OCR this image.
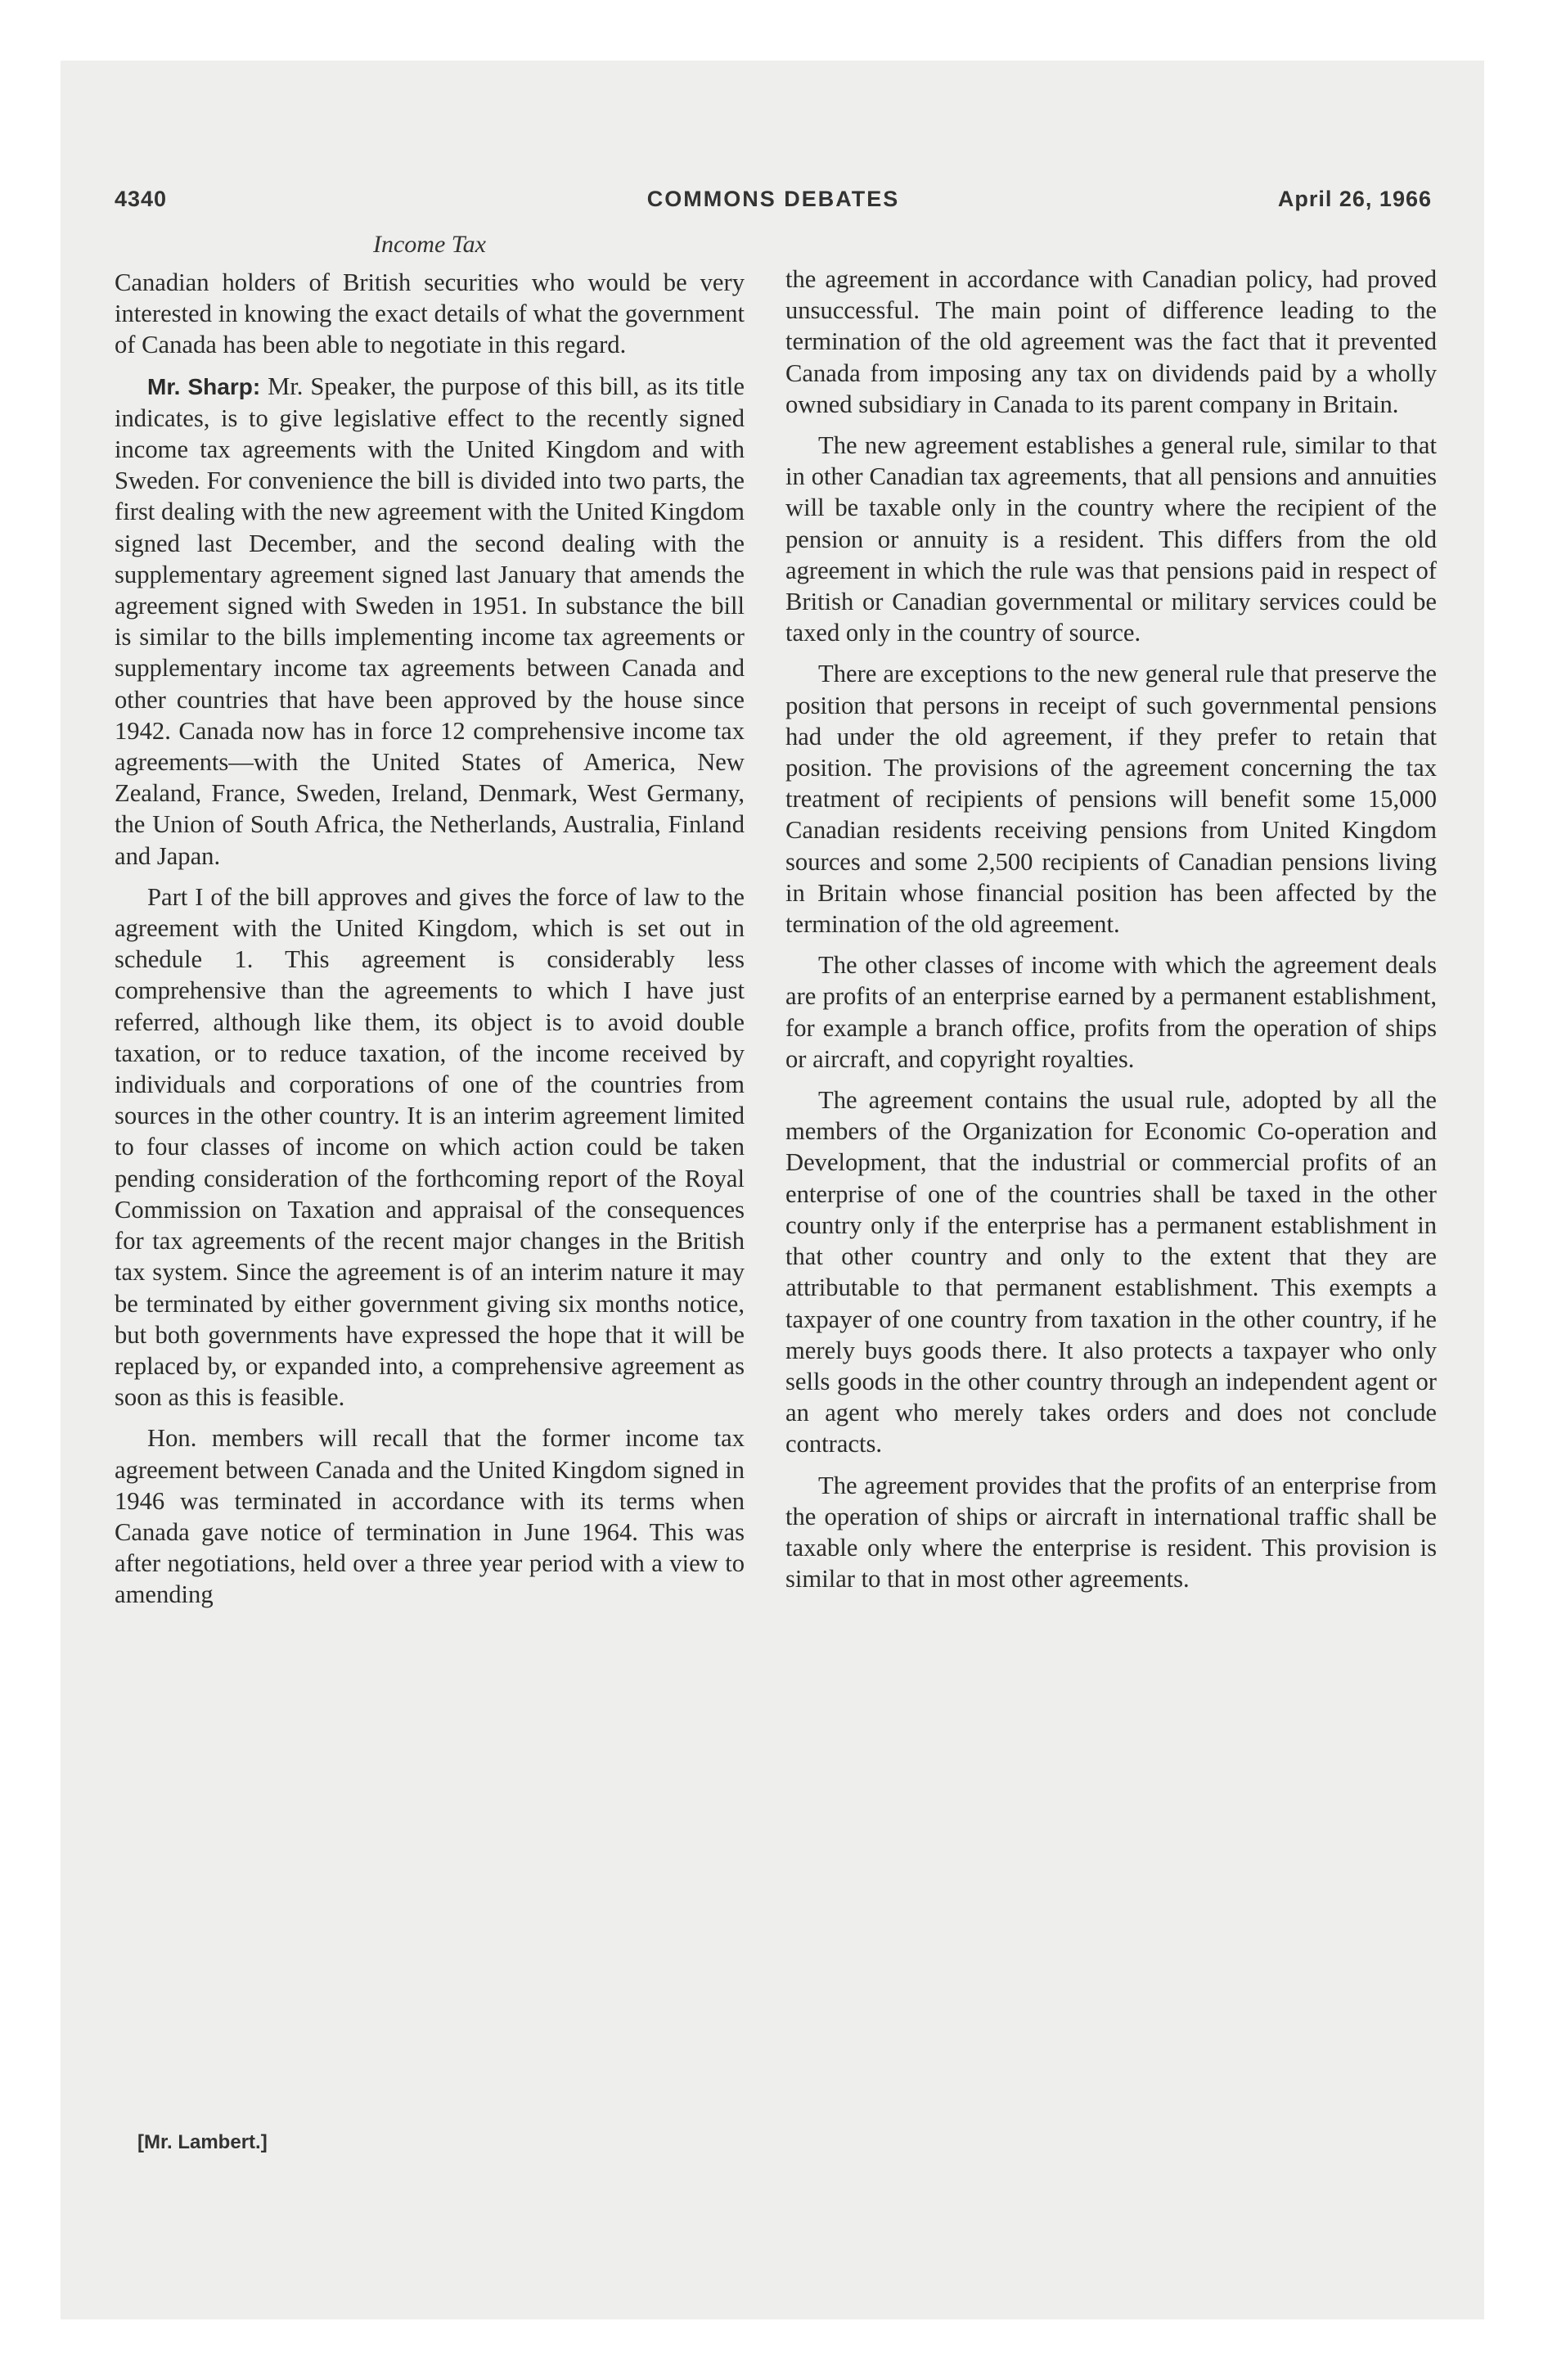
4340	COMMONS DEBATES	April 26, 1966
Income Tax

Canadian holders of British securities who would be very interested in knowing the exact details of what the government of Canada has been able to negotiate in this regard.

Mr. Sharp: Mr. Speaker, the purpose of this bill, as its title indicates, is to give legislative effect to the recently signed income tax agreements with the United Kingdom and with Sweden. For convenience the bill is divided into two parts, the first dealing with the new agreement with the United Kingdom signed last December, and the second dealing with the supplementary agreement signed last January that amends the agreement signed with Sweden in 1951. In substance the bill is similar to the bills implementing income tax agreements or supplementary income tax agreements between Canada and other countries that have been approved by the house since 1942. Canada now has in force 12 comprehensive income tax agreements—with the United States of America, New Zealand, France, Sweden, Ireland, Denmark, West Germany, the Union of South Africa, the Netherlands, Australia, Finland and Japan.

Part I of the bill approves and gives the force of law to the agreement with the United Kingdom, which is set out in schedule 1. This agreement is considerably less comprehensive than the agreements to which I have just referred, although like them, its object is to avoid double taxation, or to reduce taxation, of the income received by individuals and corporations of one of the countries from sources in the other country. It is an interim agreement limited to four classes of income on which action could be taken pending consideration of the forthcoming report of the Royal Commission on Taxation and appraisal of the consequences for tax agreements of the recent major changes in the British tax system. Since the agreement is of an interim nature it may be terminated by either government giving six months notice, but both governments have expressed the hope that it will be replaced by, or expanded into, a comprehensive agreement as soon as this is feasible.

Hon. members will recall that the former income tax agreement between Canada and the United Kingdom signed in 1946 was terminated in accordance with its terms when Canada gave notice of termination in June 1964. This was after negotiations, held over a three year period with a view to amending

the agreement in accordance with Canadian policy, had proved unsuccessful. The main point of difference leading to the termination of the old agreement was the fact that it prevented Canada from imposing any tax on dividends paid by a wholly owned subsidiary in Canada to its parent company in Britain.

The new agreement establishes a general rule, similar to that in other Canadian tax agreements, that all pensions and annuities will be taxable only in the country where the recipient of the pension or annuity is a resident. This differs from the old agreement in which the rule was that pensions paid in respect of British or Canadian governmental or military services could be taxed only in the country of source.

There are exceptions to the new general rule that preserve the position that persons in receipt of such governmental pensions had under the old agreement, if they prefer to retain that position. The provisions of the agreement concerning the tax treatment of recipients of pensions will benefit some 15,000 Canadian residents receiving pensions from United Kingdom sources and some 2,500 recipients of Canadian pensions living in Britain whose financial position has been affected by the termination of the old agreement.

The other classes of income with which the agreement deals are profits of an enterprise earned by a permanent establishment, for example a branch office, profits from the operation of ships or aircraft, and copyright royalties.

The agreement contains the usual rule, adopted by all the members of the Organization for Economic Co-operation and Development, that the industrial or commercial profits of an enterprise of one of the countries shall be taxed in the other country only if the enterprise has a permanent establishment in that other country and only to the extent that they are attributable to that permanent establishment. This exempts a taxpayer of one country from taxation in the other country, if he merely buys goods there. It also protects a taxpayer who only sells goods in the other country through an independent agent or an agent who merely takes orders and does not conclude contracts.

The agreement provides that the profits of an enterprise from the operation of ships or aircraft in international traffic shall be taxable only where the enterprise is resident. This provision is similar to that in most other agreements.

[Mr. Lambert.]
